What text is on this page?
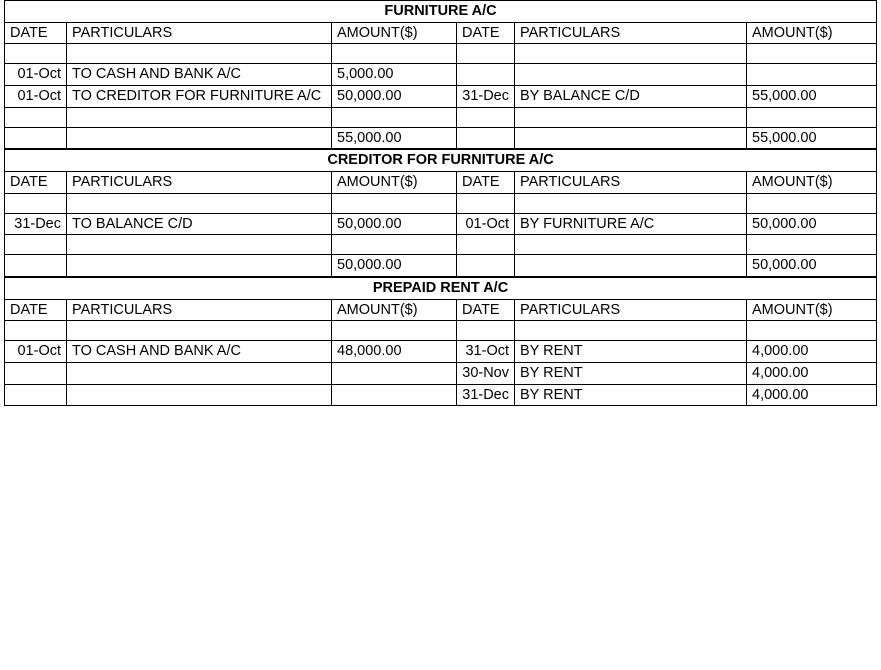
FURNITURE A/C					
DATE	PARTICULARS	AMOUNT($)	DATE	PARTICULARS	AMOUNT($)

01-Oct	TO CASH AND BANK A/C	5,000.00			
01-Oct	TO CREDITOR FOR FURNITURE A/C	50,000.00	31-Dec	BY BALANCE C/D	55,000.00

		55,000.00			55,000.00
CREDITOR FOR FURNITURE A/C					
DATE	PARTICULARS	AMOUNT($)	DATE	PARTICULARS	AMOUNT($)

31-Dec	TO BALANCE C/D	50,000.00	01-Oct	BY FURNITURE A/C	50,000.00

		50,000.00			50,000.00
PREPAID RENT A/C					
DATE	PARTICULARS	AMOUNT($)	DATE	PARTICULARS	AMOUNT($)

01-Oct	TO CASH AND BANK A/C	48,000.00	31-Oct	BY RENT	4,000.00
			30-Nov	BY RENT	4,000.00
			31-Dec	BY RENT	4,000.00
